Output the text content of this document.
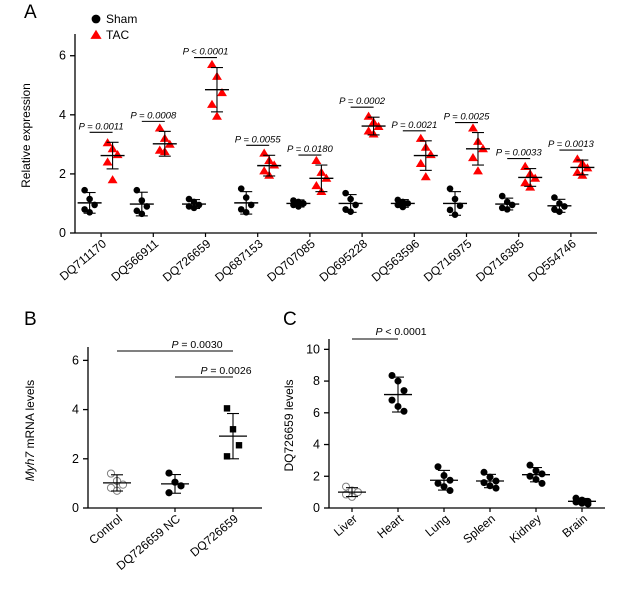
A
0
2
4
6
Relative expression
Sham
TAC
P = 0.0011
DQ711170
P = 0.0008
DQ566911
P < 0.0001
DQ726659
P = 0.0055
DQ687153
P = 0.0180
DQ707085
P = 0.0002
DQ695228
P = 0.0021
DQ563596
P = 0.0025
DQ716975
P = 0.0033
DQ716385
P = 0.0013
DQ554746
B
0
2
4
6
Myh7 mRNA levels
Control
DQ726659 NC DQ726659
P = 0.0030
P = 0.0026
C
0
2
4
6
8
10
DQ726659 levels
Liver Heart Lung Spleen Kidney Brain
P < 0.0001
